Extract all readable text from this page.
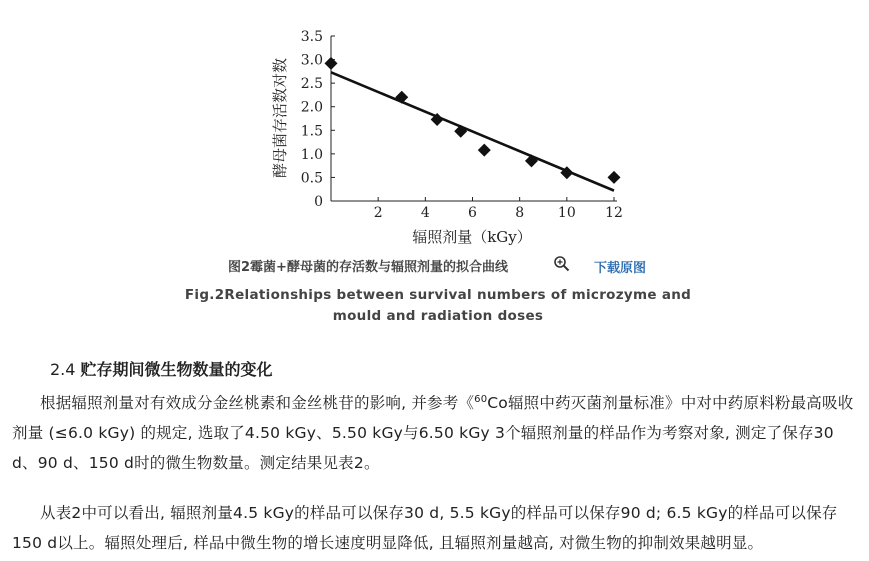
0
0.5
1.0
1.5
2.0
2.5
3.0
3.5
2	4	6	8 10 12
酵母菌存活数对数
辐照剂量（kGy）
图2霉菌+酵母菌的存活数与辐照剂量的拟合曲线	下载原图
Fig.2Relationships between survival numbers of microzyme and mould and radiation doses
2.4 贮存期间微生物数量的变化
根据辐照剂量对有效成分金丝桃素和金丝桃苷的影响, 并参考《$^{60}$Co辐照中药灭菌剂量标准》中对中药原料粉最高吸收剂量 (≤6.0 kGy) 的规定, 选取了4.50 kGy、5.50 kGy与6.50 kGy 3个辐照剂量的样品作为考察对象, 测定了保存30 d、90 d、150 d时的微生物数量。测定结果见表2。
从表2中可以看出, 辐照剂量4.5 kGy的样品可以保存30 d, 5.5 kGy的样品可以保存90 d; 6.5 kGy的样品可以保存150 d以上。辐照处理后, 样品中微生物的增长速度明显降低, 且辐照剂量越高, 对微生物的抑制效果越明显。
